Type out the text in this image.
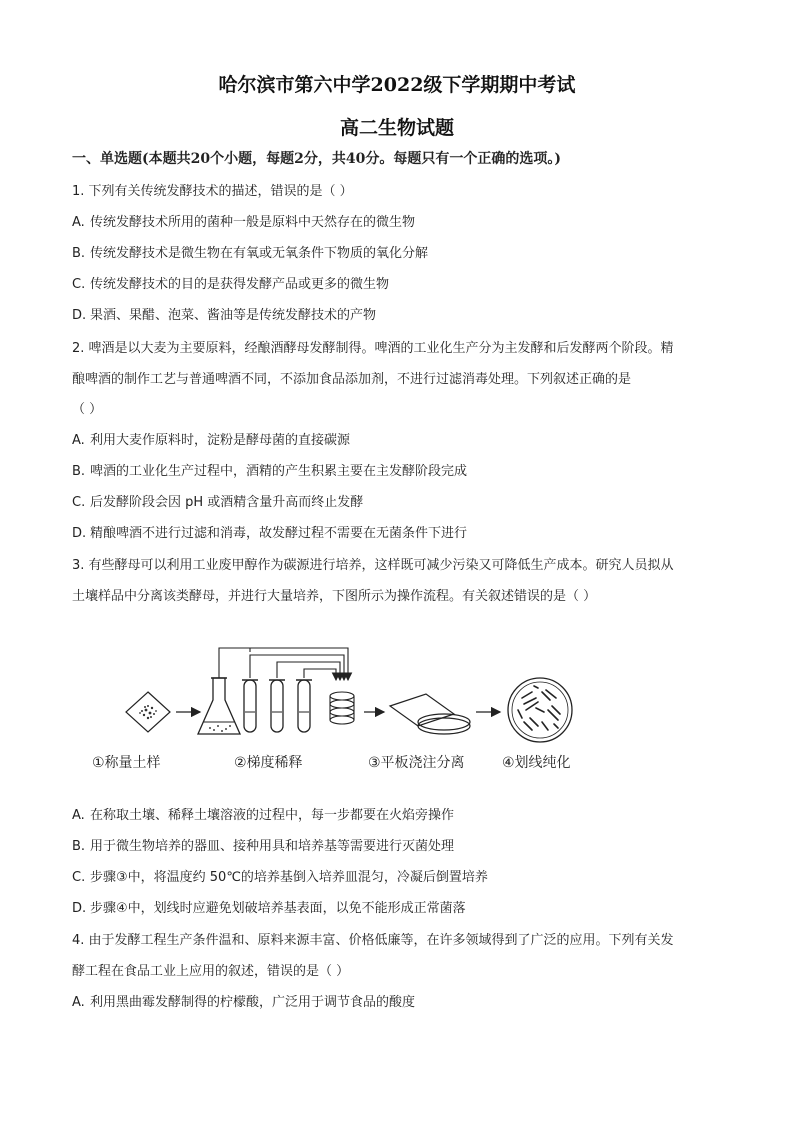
哈尔滨市第六中学2022级下学期期中考试
高二生物试题
一、单选题(本题共20个小题，每题2分，共40分。每题只有一个正确的选项。)
1. 下列有关传统发酵技术的描述，错误的是（ ）
A. 传统发酵技术所用的菌种一般是原料中天然存在的微生物
B. 传统发酵技术是微生物在有氧或无氧条件下物质的氧化分解
C. 传统发酵技术的目的是获得发酵产品或更多的微生物
D. 果酒、果醋、泡菜、酱油等是传统发酵技术的产物
2. 啤酒是以大麦为主要原料，经酿酒酵母发酵制得。啤酒的工业化生产分为主发酵和后发酵两个阶段。精
酿啤酒的制作工艺与普通啤酒不同，不添加食品添加剂，不进行过滤消毒处理。下列叙述正确的是
（ ）
A. 利用大麦作原料时，淀粉是酵母菌的直接碳源
B. 啤酒的工业化生产过程中，酒精的产生积累主要在主发酵阶段完成
C. 后发酵阶段会因 pH 或酒精含量升高而终止发酵
D. 精酿啤酒不进行过滤和消毒，故发酵过程不需要在无菌条件下进行
3. 有些酵母可以利用工业废甲醇作为碳源进行培养，这样既可减少污染又可降低生产成本。研究人员拟从
土壤样品中分离该类酵母，并进行大量培养，下图所示为操作流程。有关叙述错误的是（ ）
①称量土样	②梯度稀释	③平板浇注分离	④划线纯化
A. 在称取土壤、稀释土壤溶液的过程中，每一步都要在火焰旁操作
B. 用于微生物培养的器皿、接种用具和培养基等需要进行灭菌处理
C. 步骤③中，将温度约 50℃的培养基倒入培养皿混匀，冷凝后倒置培养
D. 步骤④中，划线时应避免划破培养基表面，以免不能形成正常菌落
4. 由于发酵工程生产条件温和、原料来源丰富、价格低廉等，在许多领域得到了广泛的应用。下列有关发
酵工程在食品工业上应用的叙述，错误的是（ ）
A. 利用黑曲霉发酵制得的柠檬酸，广泛用于调节食品的酸度
